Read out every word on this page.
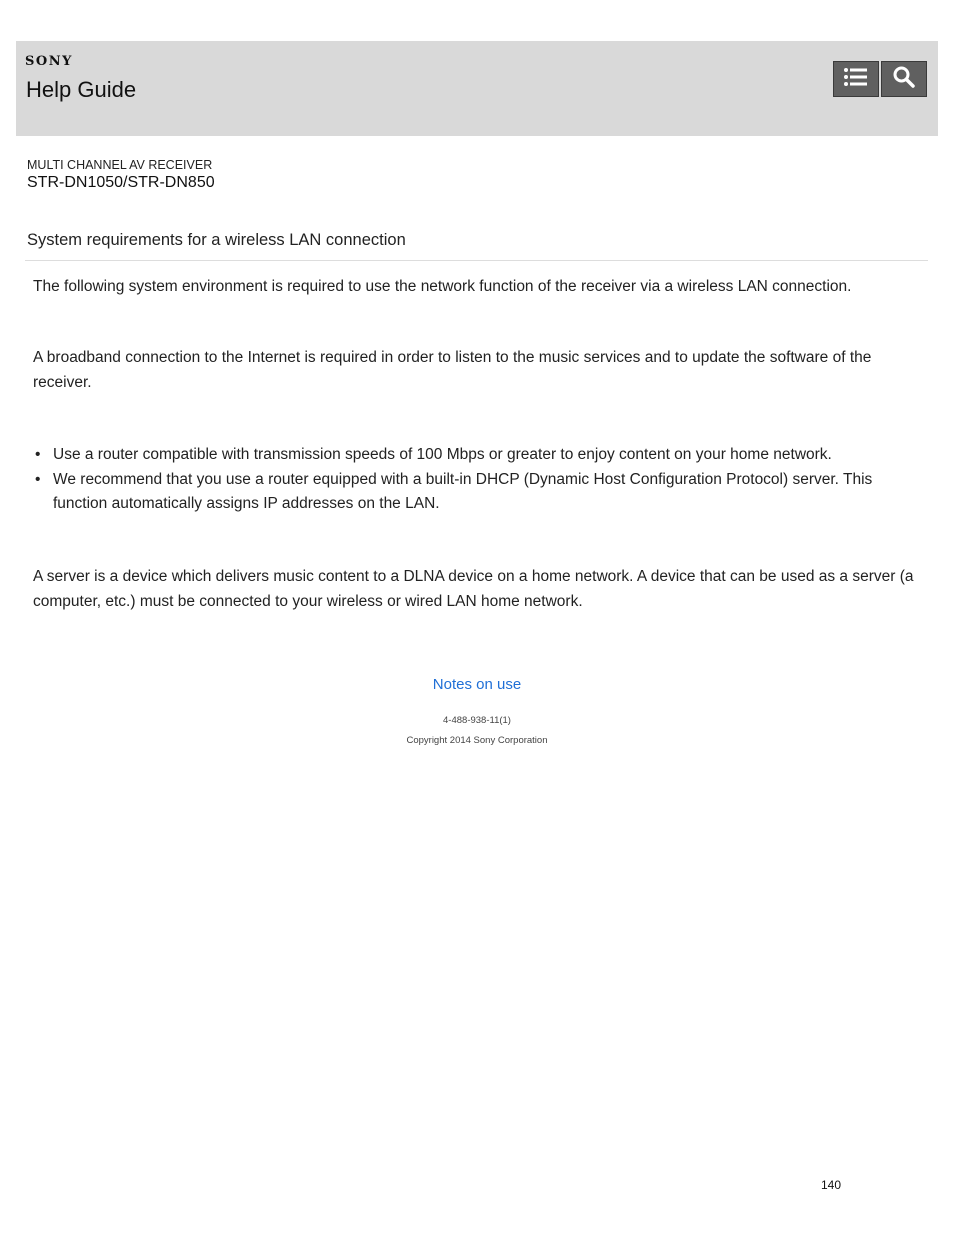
SONY
Help Guide
MULTI CHANNEL AV RECEIVER
STR-DN1050/STR-DN850
System requirements for a wireless LAN connection

The following system environment is required to use the network function of the receiver via a wireless LAN connection.

A broadband connection to the Internet is required in order to listen to the music services and to update the software of the receiver.

• Use a router compatible with transmission speeds of 100 Mbps or greater to enjoy content on your home network.
• We recommend that you use a router equipped with a built-in DHCP (Dynamic Host Configuration Protocol) server. This function automatically assigns IP addresses on the LAN.

A server is a device which delivers music content to a DLNA device on a home network. A device that can be used as a server (a computer, etc.) must be connected to your wireless or wired LAN home network.

Notes on use
4-488-938-11(1)
Copyright 2014 Sony Corporation
140
